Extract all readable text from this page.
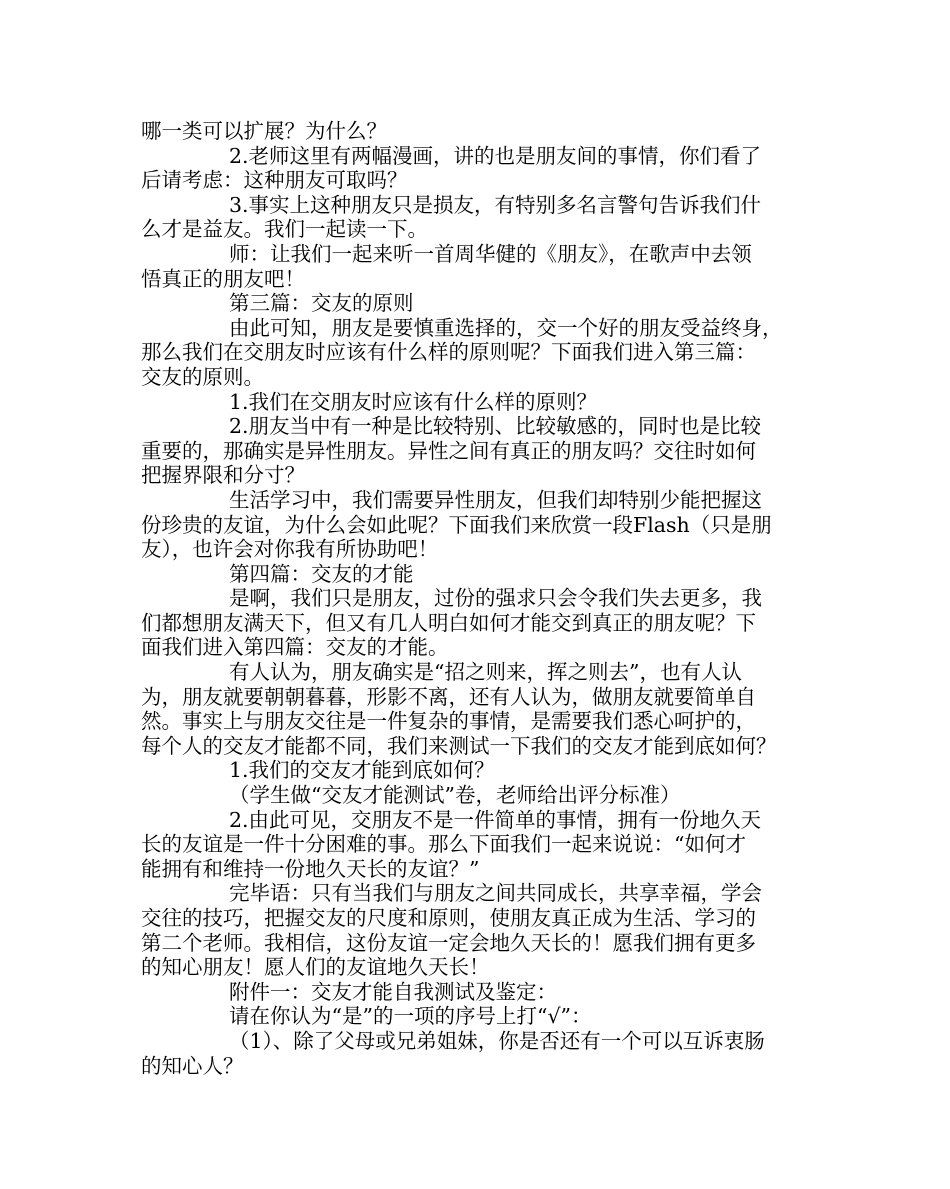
哪一类可以扩展？为什么？
2.老师这里有两幅漫画，讲的也是朋友间的事情，你们看了
后请考虑：这种朋友可取吗？
3.事实上这种朋友只是损友，有特别多名言警句告诉我们什
么才是益友。我们一起读一下。
师：让我们一起来听一首周华健的《朋友》，在歌声中去领
悟真正的朋友吧！
第三篇：交友的原则
由此可知，朋友是要慎重选择的，交一个好的朋友受益终身，
那么我们在交朋友时应该有什么样的原则呢？下面我们进入第三篇：
交友的原则。
1.我们在交朋友时应该有什么样的原则？
2.朋友当中有一种是比较特别、比较敏感的，同时也是比较
重要的，那确实是异性朋友。异性之间有真正的朋友吗？交往时如何
把握界限和分寸？
生活学习中，我们需要异性朋友，但我们却特别少能把握这
份珍贵的友谊，为什么会如此呢？下面我们来欣赏一段Flash（只是朋
友），也许会对你我有所协助吧！
第四篇：交友的才能
是啊，我们只是朋友，过份的强求只会令我们失去更多，我
们都想朋友满天下，但又有几人明白如何才能交到真正的朋友呢？下
面我们进入第四篇：交友的才能。
有人认为，朋友确实是“招之则来，挥之则去”，也有人认
为，朋友就要朝朝暮暮，形影不离，还有人认为，做朋友就要简单自
然。事实上与朋友交往是一件复杂的事情，是需要我们悉心呵护的，
每个人的交友才能都不同，我们来测试一下我们的交友才能到底如何？
1.我们的交友才能到底如何？
（学生做“交友才能测试”卷，老师给出评分标准）
2.由此可见，交朋友不是一件简单的事情，拥有一份地久天
长的友谊是一件十分困难的事。那么下面我们一起来说说：“如何才
能拥有和维持一份地久天长的友谊？”
完毕语：只有当我们与朋友之间共同成长，共享幸福，学会
交往的技巧，把握交友的尺度和原则，使朋友真正成为生活、学习的
第二个老师。我相信，这份友谊一定会地久天长的！愿我们拥有更多
的知心朋友！愿人们的友谊地久天长！
附件一：交友才能自我测试及鉴定：
请在你认为“是”的一项的序号上打“√”：
（1）、除了父母或兄弟姐妹，你是否还有一个可以互诉衷肠
的知心人？
